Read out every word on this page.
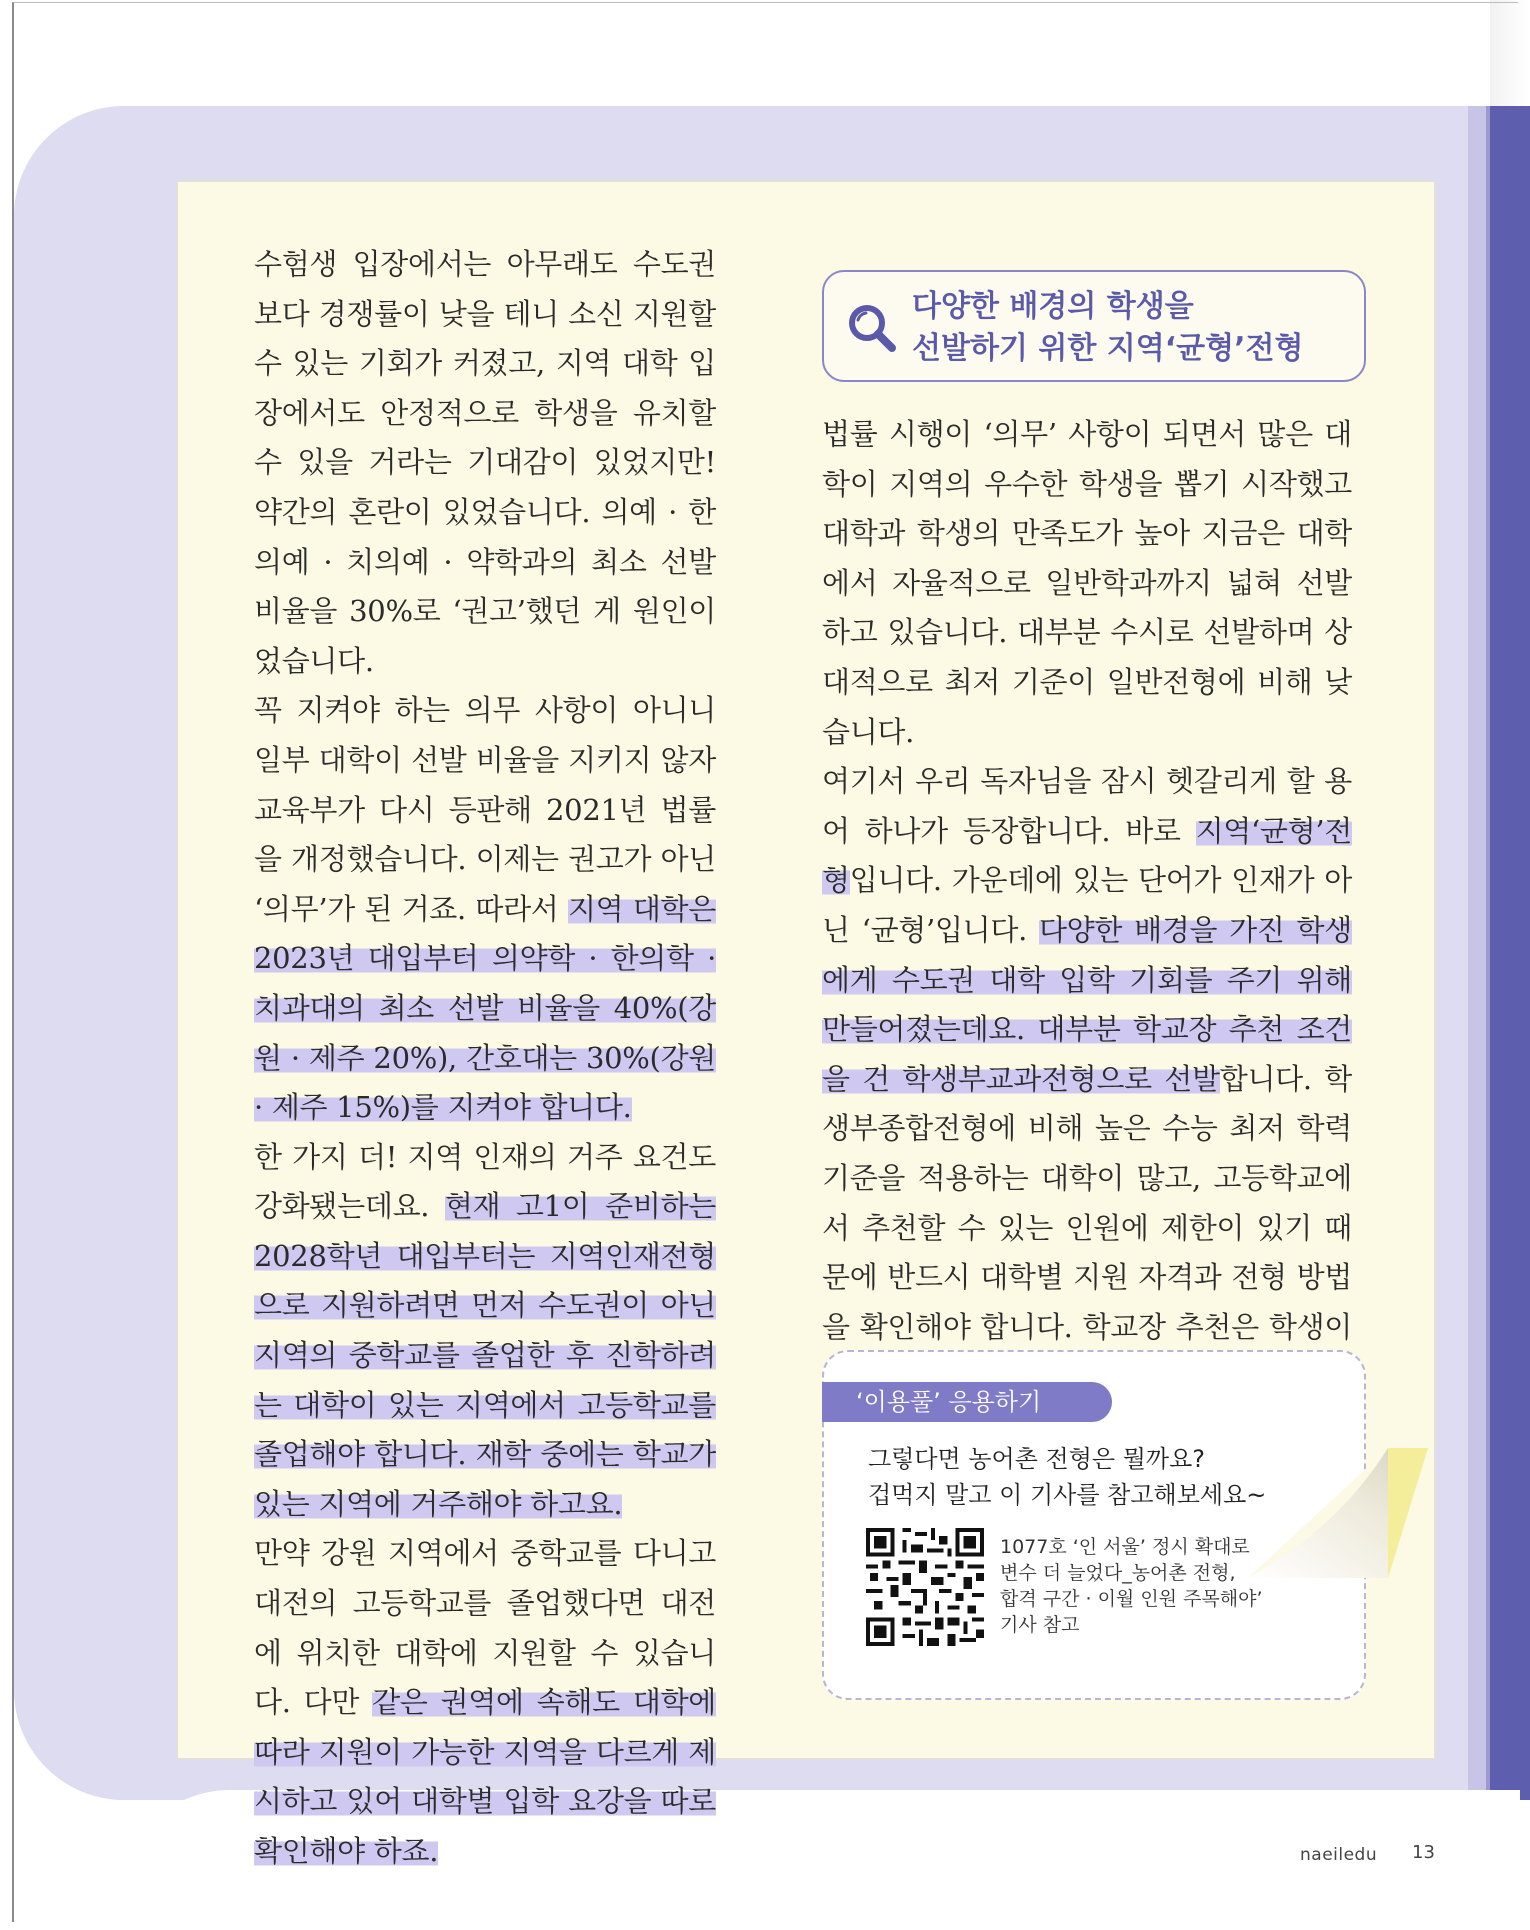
수험생 입장에서는 아무래도 수도권보다 경쟁률이 낮을 테니 소신 지원할 수 있는 기회가 커졌고, 지역 대학 입장에서도 안정적으로 학생을 유치할 수 있을 거라는 기대감이 있었지만! 약간의 혼란이 있었습니다. 의예 · 한의예 · 치의예 · 약학과의 최소 선발 비율을 30%로 ‘권고’했던 게 원인이었습니다.

꼭 지켜야 하는 의무 사항이 아니니 일부 대학이 선발 비율을 지키지 않자 교육부가 다시 등판해 2021년 법률을 개정했습니다. 이제는 권고가 아닌 ‘의무’가 된 거죠. 따라서 지역 대학은 2023년 대입부터 의약학 · 한의학 · 치과대의 최소 선발 비율을 40%(강원 · 제주 20%), 간호대는 30%(강원 · 제주 15%)를 지켜야 합니다.

한 가지 더! 지역 인재의 거주 요건도 강화됐는데요. 현재 고1이 준비하는 2028학년 대입부터는 지역인재전형으로 지원하려면 먼저 수도권이 아닌 지역의 중학교를 졸업한 후 진학하려는 대학이 있는 지역에서 고등학교를 졸업해야 합니다. 재학 중에는 학교가 있는 지역에 거주해야 하고요.

만약 강원 지역에서 중학교를 다니고 대전의 고등학교를 졸업했다면 대전에 위치한 대학에 지원할 수 있습니다. 다만 같은 권역에 속해도 대학에 따라 지원이 가능한 지역을 다르게 제시하고 있어 대학별 입학 요강을 따로 확인해야 하죠.

다양한 배경의 학생을
선발하기 위한 지역‘균형’전형

법률 시행이 ‘의무’ 사항이 되면서 많은 대학이 지역의 우수한 학생을 뽑기 시작했고 대학과 학생의 만족도가 높아 지금은 대학에서 자율적으로 일반학과까지 넓혀 선발하고 있습니다. 대부분 수시로 선발하며 상대적으로 최저 기준이 일반전형에 비해 낮습니다.

여기서 우리 독자님을 잠시 헷갈리게 할 용어 하나가 등장합니다. 바로 지역‘균형’전형입니다. 가운데에 있는 단어가 인재가 아닌 ‘균형’입니다. 다양한 배경을 가진 학생에게 수도권 대학 입학 기회를 주기 위해 만들어졌는데요. 대부분 학교장 추천 조건을 건 학생부교과전형으로 선발합니다. 학생부종합전형에 비해 높은 수능 최저 학력 기준을 적용하는 대학이 많고, 고등학교에서 추천할 수 있는 인원에 제한이 있기 때문에 반드시 대학별 지원 자격과 전형 방법을 확인해야 합니다. 학교장 추천은 학생이

‘이용풀’ 응용하기
그렇다면 농어촌 전형은 뭘까요?
겁먹지 말고 이 기사를 참고해보세요~
1077호 ‘인 서울’ 정시 확대로
변수 더 늘었다_농어촌 전형,
합격 구간 · 이월 인원 주목해야’
기사 참고
naeiledu 13
